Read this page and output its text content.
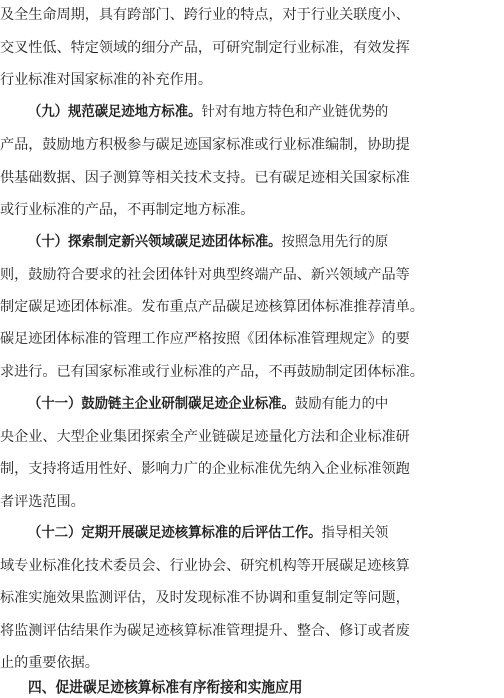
及全生命周期，具有跨部门、跨行业的特点，对于行业关联度小、
交叉性低、特定领域的细分产品，可研究制定行业标准，有效发挥
行业标准对国家标准的补充作用。
（九）规范碳足迹地方标准。针对有地方特色和产业链优势的
产品，鼓励地方积极参与碳足迹国家标准或行业标准编制，协助提
供基础数据、因子测算等相关技术支持。已有碳足迹相关国家标准
或行业标准的产品，不再制定地方标准。
（十）探索制定新兴领域碳足迹团体标准。按照急用先行的原
则，鼓励符合要求的社会团体针对典型终端产品、新兴领域产品等
制定碳足迹团体标准。发布重点产品碳足迹核算团体标准推荐清单。
碳足迹团体标准的管理工作应严格按照《团体标准管理规定》的要
求进行。已有国家标准或行业标准的产品，不再鼓励制定团体标准。
（十一）鼓励链主企业研制碳足迹企业标准。鼓励有能力的中
央企业、大型企业集团探索全产业链碳足迹量化方法和企业标准研
制，支持将适用性好、影响力广的企业标准优先纳入企业标准领跑
者评选范围。
（十二）定期开展碳足迹核算标准的后评估工作。指导相关领
域专业标准化技术委员会、行业协会、研究机构等开展碳足迹核算
标准实施效果监测评估，及时发现标准不协调和重复制定等问题，
将监测评估结果作为碳足迹核算标准管理提升、整合、修订或者废
止的重要依据。
四、促进碳足迹核算标准有序衔接和实施应用
